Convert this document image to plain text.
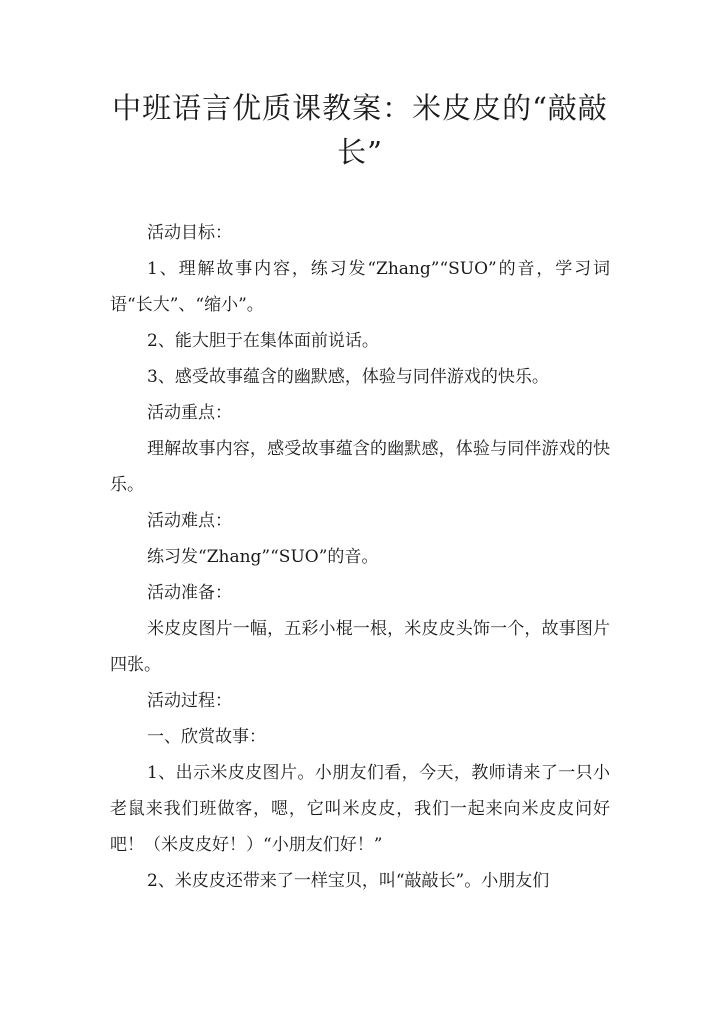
中班语言优质课教案：米皮皮的“敲敲长”

活动目标：

1、理解故事内容，练习发“Zhang”“SUO”的音，学习词语“长大”、“缩小”。

2、能大胆于在集体面前说话。

3、感受故事蕴含的幽默感，体验与同伴游戏的快乐。

活动重点：

理解故事内容，感受故事蕴含的幽默感，体验与同伴游戏的快乐。

活动难点：

练习发“Zhang”“SUO”的音。

活动准备：

米皮皮图片一幅，五彩小棍一根，米皮皮头饰一个，故事图片四张。

活动过程：

一、欣赏故事：

1、出示米皮皮图片。小朋友们看，今天，教师请来了一只小老鼠来我们班做客，嗯，它叫米皮皮，我们一起来向米皮皮问好吧！（米皮皮好！）“小朋友们好！”

2、米皮皮还带来了一样宝贝，叫“敲敲长”。小朋友们
